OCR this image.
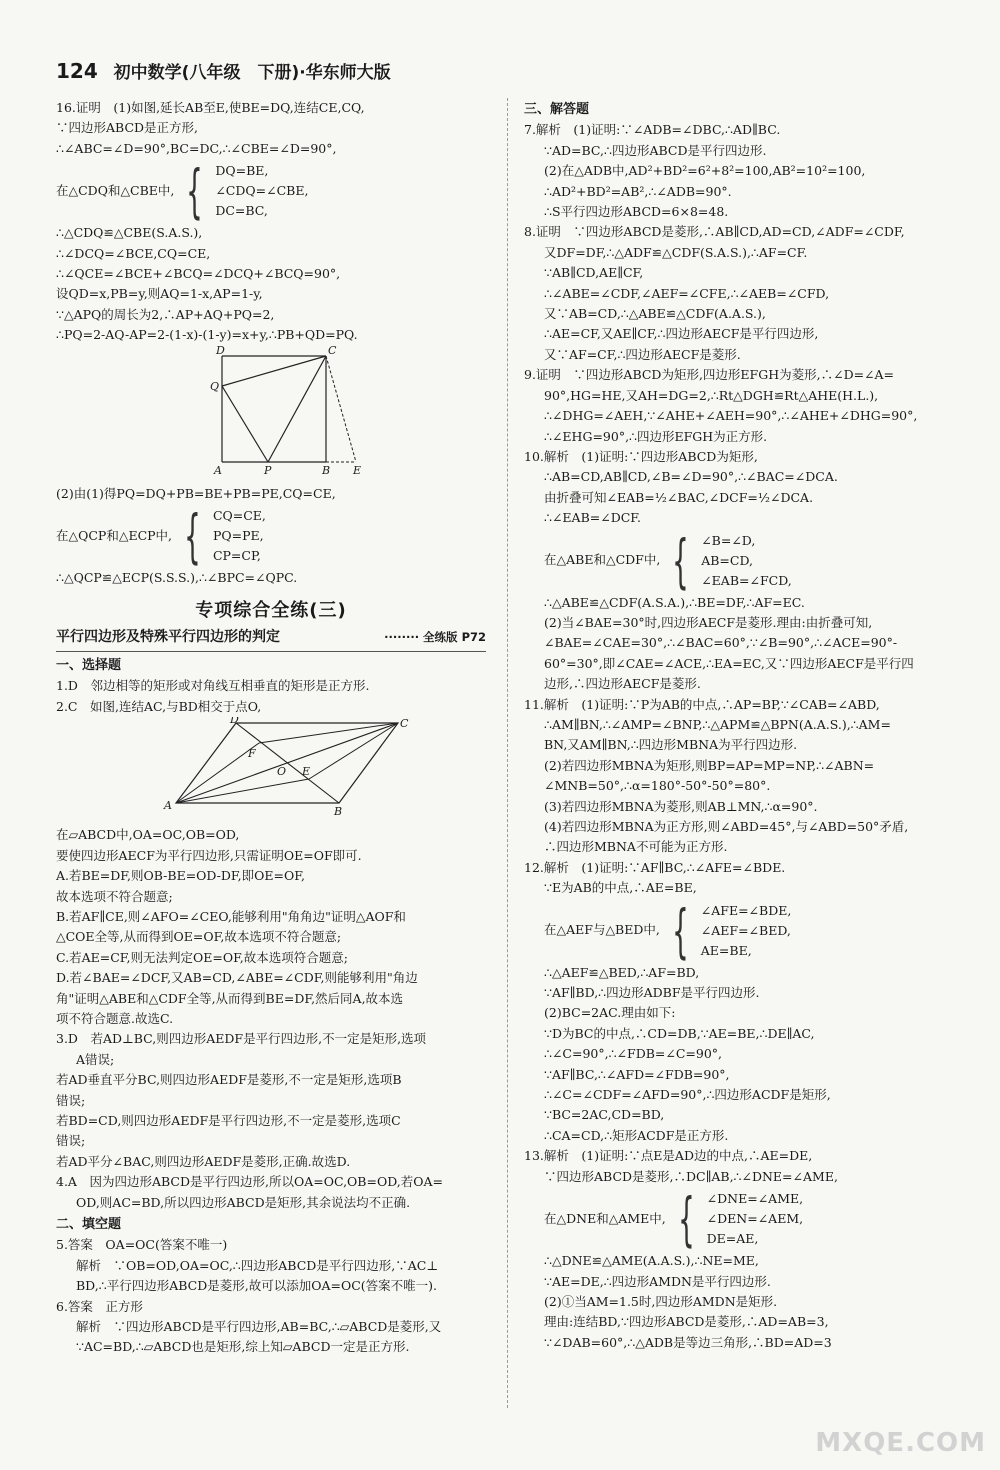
124 初中数学(八年级　下册)·华东师大版
16.证明　(1)如图,延长AB至E,使BE=DQ,连结CE,CQ,
∵四边形ABCD是正方形,
∴∠ABC=∠D=90°,BC=DC,∴∠CBE=∠D=90°,
在△CDQ和△CBE中, { DQ=BE,
∠CDQ=∠CBE,
DC=BC,
∴△CDQ≌△CBE(S.A.S.),
∴∠DCQ=∠BCE,CQ=CE,
∴∠QCE=∠BCE+∠BCQ=∠DCQ+∠BCQ=90°,
设QD=x,PB=y,则AQ=1-x,AP=1-y,
∵△APQ的周长为2,∴AP+AQ+PQ=2,
∴PQ=2-AQ-AP=2-(1-x)-(1-y)=x+y,∴PB+QD=PQ.
D	C
Q
A	P	B E
(2)由(1)得PQ=DQ+PB=BE+PB=PE,CQ=CE,
在△QCP和△ECP中, { CQ=CE,
PQ=PE,
CP=CP,
∴△QCP≌△ECP(S.S.S.),∴∠BPC=∠QPC.
专项综合全练(三)
平行四边形及特殊平行四边形的判定	········ 全练版 P72
一、选择题
1.D　邻边相等的矩形或对角线互相垂直的矩形是正方形.
2.C　如图,连结AC,与BD相交于点O,
D	C
F
O E
A	B
在▱ABCD中,OA=OC,OB=OD,
要使四边形AECF为平行四边形,只需证明OE=OF即可.
A.若BE=DF,则OB-BE=OD-DF,即OE=OF,
故本选项不符合题意;
B.若AF∥CE,则∠AFO=∠CEO,能够利用"角角边"证明△AOF和
△COE全等,从而得到OE=OF,故本选项不符合题意;
C.若AE=CF,则无法判定OE=OF,故本选项符合题意;
D.若∠BAE=∠DCF,又AB=CD,∠ABE=∠CDF,则能够利用"角边
角"证明△ABE和△CDF全等,从而得到BE=DF,然后同A,故本选
项不符合题意.故选C.
3.D　若AD⊥BC,则四边形AEDF是平行四边形,不一定是矩形,选项
A错误;
若AD垂直平分BC,则四边形AEDF是菱形,不一定是矩形,选项B
错误;
若BD=CD,则四边形AEDF是平行四边形,不一定是菱形,选项C
错误;
若AD平分∠BAC,则四边形AEDF是菱形,正确.故选D.
4.A　因为四边形ABCD是平行四边形,所以OA=OC,OB=OD,若OA=
OD,则AC=BD,所以四边形ABCD是矩形,其余说法均不正确.
二、填空题
5.答案　OA=OC(答案不唯一)
解析　∵OB=OD,OA=OC,∴四边形ABCD是平行四边形,∵AC⊥
BD,∴平行四边形ABCD是菱形,故可以添加OA=OC(答案不唯一).
6.答案　正方形
解析　∵四边形ABCD是平行四边形,AB=BC,∴▱ABCD是菱形,又
∵AC=BD,∴▱ABCD也是矩形,综上知▱ABCD一定是正方形.
三、解答题
7.解析　(1)证明:∵∠ADB=∠DBC,∴AD∥BC.
∵AD=BC,∴四边形ABCD是平行四边形.
(2)在△ADB中,AD²+BD²=6²+8²=100,AB²=10²=100,
∴AD²+BD²=AB²,∴∠ADB=90°.
∴S平行四边形ABCD=6×8=48.
8.证明　∵四边形ABCD是菱形,∴AB∥CD,AD=CD,∠ADF=∠CDF,
又DF=DF,∴△ADF≌△CDF(S.A.S.),∴AF=CF.
∵AB∥CD,AE∥CF,
∴∠ABE=∠CDF,∠AEF=∠CFE,∴∠AEB=∠CFD,
又∵AB=CD,∴△ABE≌△CDF(A.A.S.),
∴AE=CF,又AE∥CF,∴四边形AECF是平行四边形,
又∵AF=CF,∴四边形AECF是菱形.
9.证明　∵四边形ABCD为矩形,四边形EFGH为菱形,∴∠D=∠A=
90°,HG=HE,又AH=DG=2,∴Rt△DGH≌Rt△AHE(H.L.),
∴∠DHG=∠AEH,∵∠AHE+∠AEH=90°,∴∠AHE+∠DHG=90°,
∴∠EHG=90°,∴四边形EFGH为正方形.
10.解析　(1)证明:∵四边形ABCD为矩形,
∴AB=CD,AB∥CD,∠B=∠D=90°,∴∠BAC=∠DCA.
由折叠可知∠EAB=½∠BAC,∠DCF=½∠DCA.
∴∠EAB=∠DCF.
在△ABE和△CDF中, { ∠B=∠D,
AB=CD,
∠EAB=∠FCD,
∴△ABE≌△CDF(A.S.A.),∴BE=DF,∴AF=EC.
(2)当∠BAE=30°时,四边形AECF是菱形.理由:由折叠可知,
∠BAE=∠CAE=30°,∴∠BAC=60°,∵∠B=90°,∴∠ACE=90°-
60°=30°,即∠CAE=∠ACE,∴EA=EC,又∵四边形AECF是平行四
边形,∴四边形AECF是菱形.
11.解析　(1)证明:∵P为AB的中点,∴AP=BP,∵∠CAB=∠ABD,
∴AM∥BN,∴∠AMP=∠BNP,∴△APM≌△BPN(A.A.S.),∴AM=
BN,又AM∥BN,∴四边形MBNA为平行四边形.
(2)若四边形MBNA为矩形,则BP=AP=MP=NP,∴∠ABN=
∠MNB=50°,∴α=180°-50°-50°=80°.
(3)若四边形MBNA为菱形,则AB⊥MN,∴α=90°.
(4)若四边形MBNA为正方形,则∠ABD=45°,与∠ABD=50°矛盾,
∴四边形MBNA不可能为正方形.
12.解析　(1)证明:∵AF∥BC,∴∠AFE=∠BDE.
∵E为AB的中点,∴AE=BE,
在△AEF与△BED中, { ∠AFE=∠BDE,
∠AEF=∠BED,
AE=BE,
∴△AEF≌△BED,∴AF=BD,
∵AF∥BD,∴四边形ADBF是平行四边形.
(2)BC=2AC.理由如下:
∵D为BC的中点,∴CD=DB,∵AE=BE,∴DE∥AC,
∴∠C=90°,∴∠FDB=∠C=90°,
∵AF∥BC,∴∠AFD=∠FDB=90°,
∴∠C=∠CDF=∠AFD=90°,∴四边形ACDF是矩形,
∵BC=2AC,CD=BD,
∴CA=CD,∴矩形ACDF是正方形.
13.解析　(1)证明:∵点E是AD边的中点,∴AE=DE,
∵四边形ABCD是菱形,∴DC∥AB,∴∠DNE=∠AME,
在△DNE和△AME中, { ∠DNE=∠AME,
∠DEN=∠AEM,
DE=AE,
∴△DNE≌△AME(A.A.S.),∴NE=ME,
∵AE=DE,∴四边形AMDN是平行四边形.
(2)①当AM=1.5时,四边形AMDN是矩形.
理由:连结BD,∵四边形ABCD是菱形,∴AD=AB=3,
∵∠DAB=60°,∴△ADB是等边三角形,∴BD=AD=3
MXQE.COM
